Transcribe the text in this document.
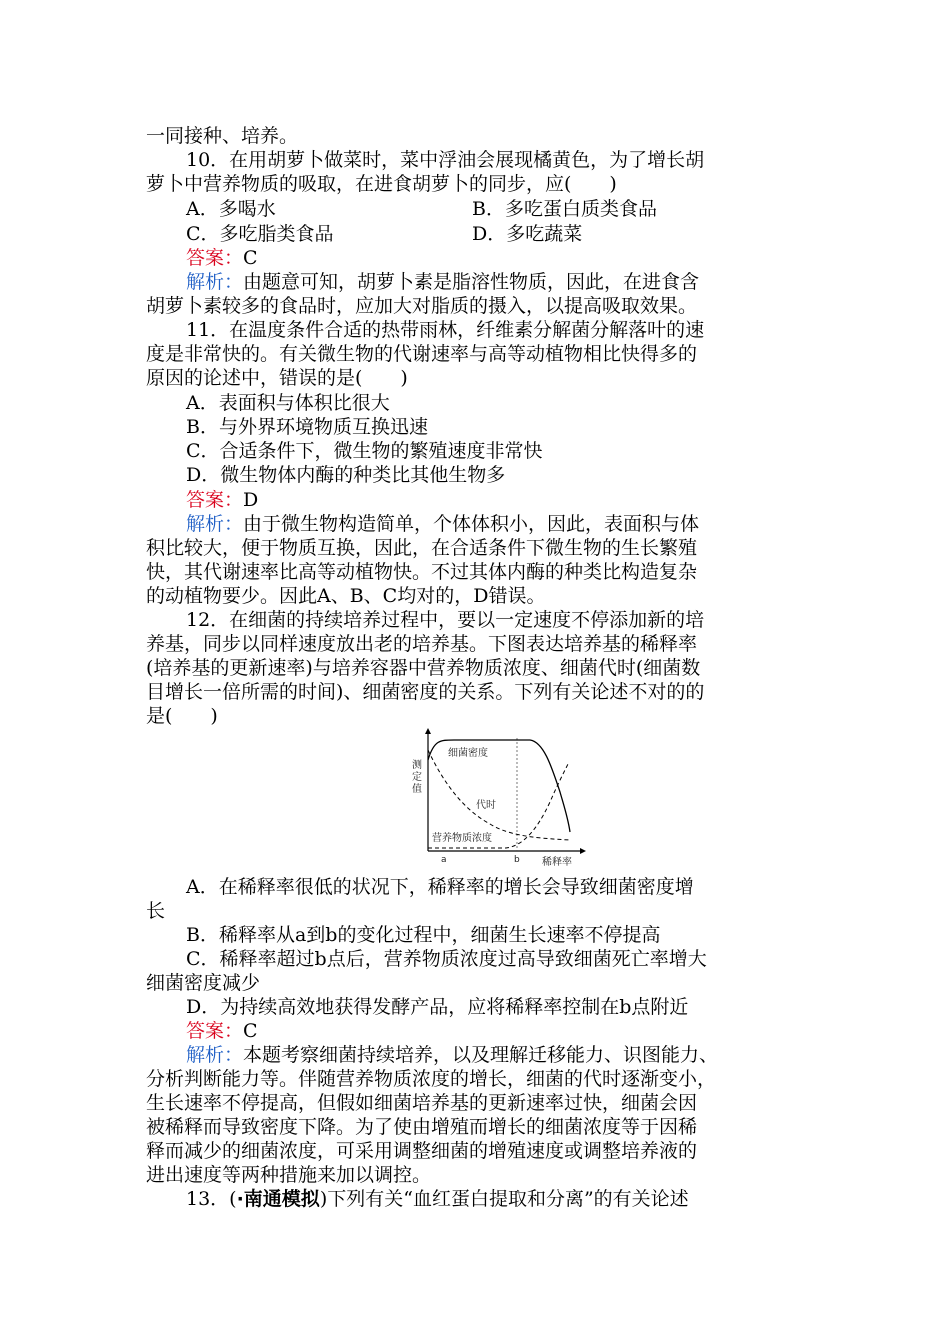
一同接种、培养。
10．在用胡萝卜做菜时，菜中浮油会展现橘黄色，为了增长胡
萝卜中营养物质的吸取，在进食胡萝卜的同步，应(　　)
A．多喝水	B．多吃蛋白质类食品
C．多吃脂类食品	D．多吃蔬菜
答案：C
解析：由题意可知，胡萝卜素是脂溶性物质，因此，在进食含
胡萝卜素较多的食品时，应加大对脂质的摄入，以提高吸取效果。
11．在温度条件合适的热带雨林，纤维素分解菌分解落叶的速
度是非常快的。有关微生物的代谢速率与高等动植物相比快得多的
原因的论述中，错误的是(　　)
A．表面积与体积比很大
B．与外界环境物质互换迅速
C．合适条件下，微生物的繁殖速度非常快
D．微生物体内酶的种类比其他生物多
答案：D
解析：由于微生物构造简单，个体体积小，因此，表面积与体
积比较大，便于物质互换，因此，在合适条件下微生物的生长繁殖
快，其代谢速率比高等动植物快。不过其体内酶的种类比构造复杂
的动植物要少。因此A、B、C均对的，D错误。
12．在细菌的持续培养过程中，要以一定速度不停添加新的培
养基，同步以同样速度放出老的培养基。下图表达培养基的稀释率
(培养基的更新速率)与培养容器中营养物质浓度、细菌代时(细菌数
目增长一倍所需的时间)、细菌密度的关系。下列有关论述不对的的
是(　　)
细菌密度
代时
营养物质浓度
a	b 稀释率
测 定 值
A．在稀释率很低的状况下，稀释率的增长会导致细菌密度增
长
B．稀释率从a到b的变化过程中，细菌生长速率不停提高
C．稀释率超过b点后，营养物质浓度过高导致细菌死亡率增大
细菌密度减少
D．为持续高效地获得发酵产品，应将稀释率控制在b点附近
答案：C
解析：本题考察细菌持续培养，以及理解迁移能力、识图能力、
分析判断能力等。伴随营养物质浓度的增长，细菌的代时逐渐变小，
生长速率不停提高，但假如细菌培养基的更新速率过快，细菌会因
被稀释而导致密度下降。为了使由增殖而增长的细菌浓度等于因稀
释而减少的细菌浓度，可采用调整细菌的增殖速度或调整培养液的
进出速度等两种措施来加以调控。
13．(·南通模拟)下列有关“血红蛋白提取和分离”的有关论述
